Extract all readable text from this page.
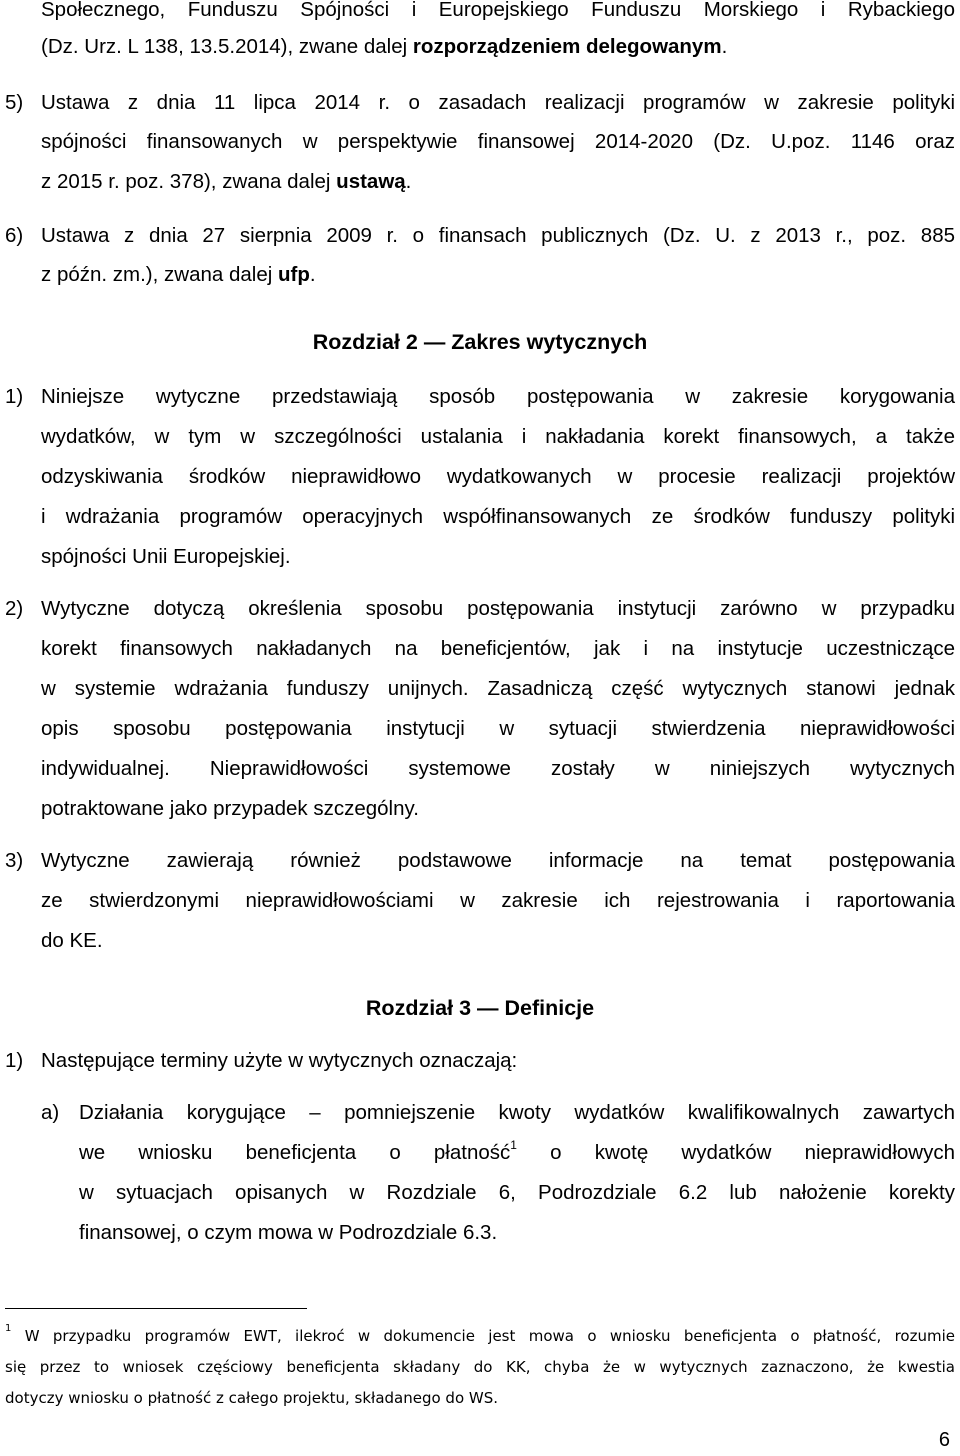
Społecznego, Funduszu Spójności i Europejskiego Funduszu Morskiego i Rybackiego
(Dz. Urz. L 138, 13.5.2014), zwane dalej rozporządzeniem delegowanym.
5) Ustawa z dnia 11 lipca 2014 r. o zasadach realizacji programów w zakresie polityki
spójności finansowanych w perspektywie finansowej 2014-2020 (Dz. U.poz. 1146 oraz
z 2015 r. poz. 378), zwana dalej ustawą.
6) Ustawa z dnia 27 sierpnia 2009 r. o finansach publicznych (Dz. U. z 2013 r., poz. 885
z późn. zm.), zwana dalej ufp.
Rozdział 2 — Zakres wytycznych
1) Niniejsze wytyczne przedstawiają sposób postępowania w zakresie korygowania
wydatków, w tym w szczególności ustalania i nakładania korekt finansowych, a także
odzyskiwania środków nieprawidłowo wydatkowanych w procesie realizacji projektów
i wdrażania programów operacyjnych współfinansowanych ze środków funduszy polityki
spójności Unii Europejskiej.
2) Wytyczne dotyczą określenia sposobu postępowania instytucji zarówno w przypadku
korekt finansowych nakładanych na beneficjentów, jak i na instytucje uczestniczące
w systemie wdrażania funduszy unijnych. Zasadniczą część wytycznych stanowi jednak
opis sposobu postępowania instytucji w sytuacji stwierdzenia nieprawidłowości
indywidualnej. Nieprawidłowości systemowe zostały w niniejszych wytycznych
potraktowane jako przypadek szczególny.
3) Wytyczne zawierają również podstawowe informacje na temat postępowania
ze stwierdzonymi nieprawidłowościami w zakresie ich rejestrowania i raportowania
do KE.
Rozdział 3 — Definicje
1) Następujące terminy użyte w wytycznych oznaczają:
a) Działania korygujące – pomniejszenie kwoty wydatków kwalifikowalnych zawartych
we wniosku beneficjenta o płatność$^1$ o kwotę wydatków nieprawidłowych
w sytuacjach opisanych w Rozdziale 6, Podrozdziale 6.2 lub nałożenie korekty
finansowej, o czym mowa w Podrozdziale 6.3.
$^1$ W przypadku programów EWT, ilekroć w dokumencie jest mowa o wniosku beneficjenta o płatność, rozumie
się przez to wniosek częściowy beneficjenta składany do KK, chyba że w wytycznych zaznaczono, że kwestia
dotyczy wniosku o płatność z całego projektu, składanego do WS.
6
